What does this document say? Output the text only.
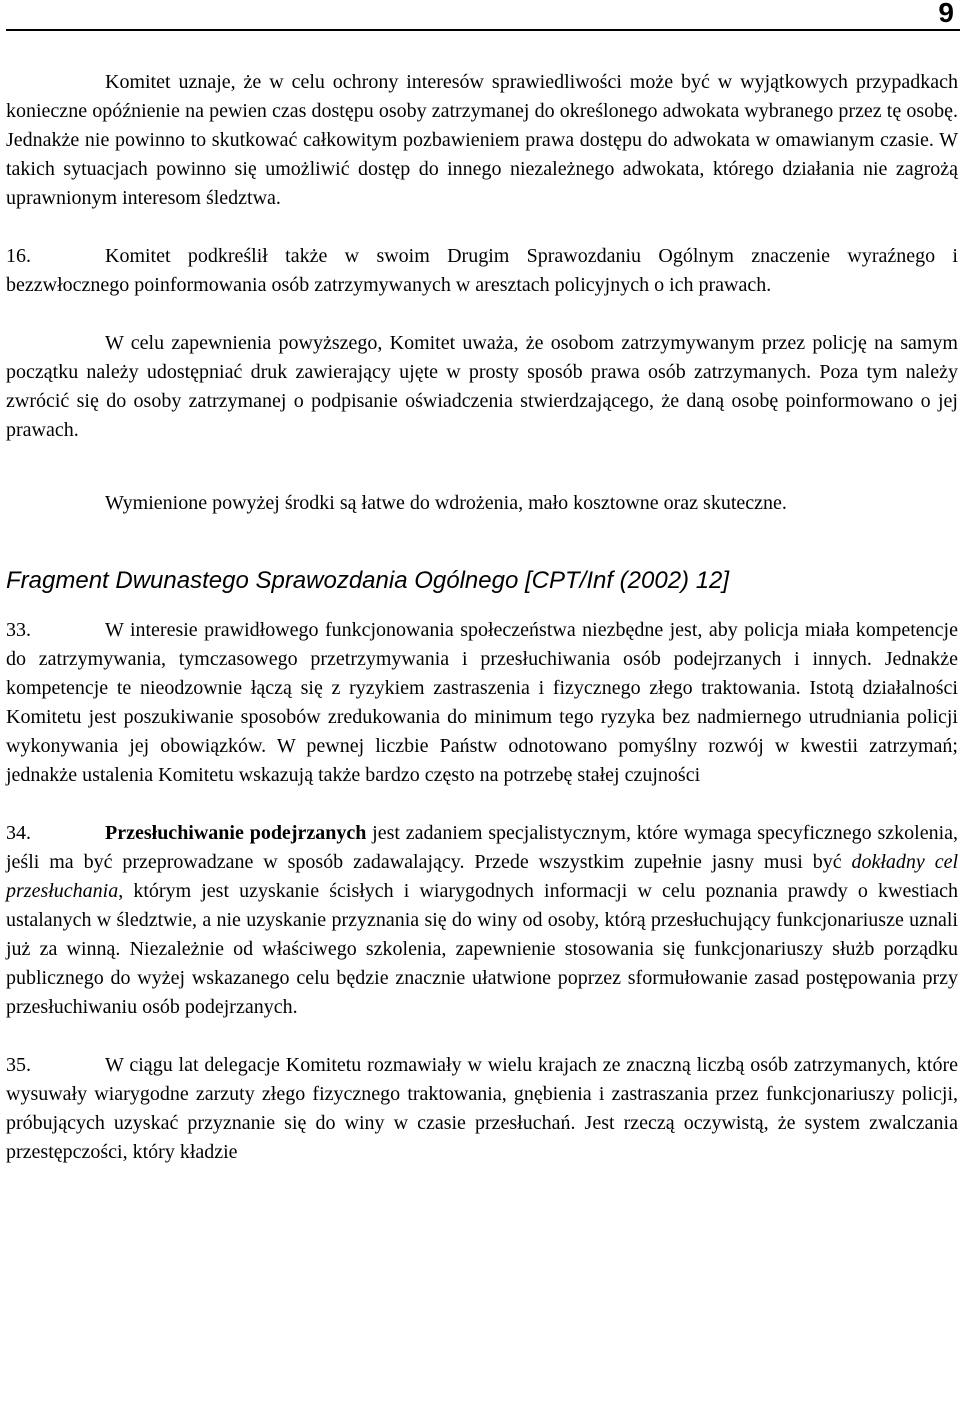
9

Komitet uznaje, że w celu ochrony interesów sprawiedliwości może być w wyjątkowych przypadkach konieczne opóźnienie na pewien czas dostępu osoby zatrzymanej do określonego adwokata wybranego przez tę osobę. Jednakże nie powinno to skutkować całkowitym pozbawieniem prawa dostępu do adwokata w omawianym czasie. W takich sytuacjach powinno się umożliwić dostęp do innego niezależnego adwokata, którego działania nie zagrożą uprawnionym interesom śledztwa.

16.	Komitet podkreślił także w swoim Drugim Sprawozdaniu Ogólnym znaczenie wyraźnego i bezzwłocznego poinformowania osób zatrzymywanych w aresztach policyjnych o ich prawach.

W celu zapewnienia powyższego, Komitet uważa, że osobom zatrzymywanym przez policję na samym początku należy udostępniać druk zawierający ujęte w prosty sposób prawa osób zatrzymanych. Poza tym należy zwrócić się do osoby zatrzymanej o podpisanie oświadczenia stwierdzającego, że daną osobę poinformowano o jej prawach.

Wymienione powyżej środki są łatwe do wdrożenia, mało kosztowne oraz skuteczne.

Fragment Dwunastego Sprawozdania Ogólnego [CPT/Inf (2002) 12]

33.	W interesie prawidłowego funkcjonowania społeczeństwa niezbędne jest, aby policja miała kompetencje do zatrzymywania, tymczasowego przetrzymywania i przesłuchiwania osób podejrzanych i innych. Jednakże kompetencje te nieodzownie łączą się z ryzykiem zastraszenia i fizycznego złego traktowania. Istotą działalności Komitetu jest poszukiwanie sposobów zredukowania do minimum tego ryzyka bez nadmiernego utrudniania policji wykonywania jej obowiązków. W pewnej liczbie Państw odnotowano pomyślny rozwój w kwestii zatrzymań; jednakże ustalenia Komitetu wskazują także bardzo często na potrzebę stałej czujności

34.	Przesłuchiwanie podejrzanych jest zadaniem specjalistycznym, które wymaga specyficznego szkolenia, jeśli ma być przeprowadzane w sposób zadawalający. Przede wszystkim zupełnie jasny musi być dokładny cel przesłuchania, którym jest uzyskanie ścisłych i wiarygodnych informacji w celu poznania prawdy o kwestiach ustalanych w śledztwie, a nie uzyskanie przyznania się do winy od osoby, którą przesłuchujący funkcjonariusze uznali już za winną. Niezależnie od właściwego szkolenia, zapewnienie stosowania się funkcjonariuszy służb porządku publicznego do wyżej wskazanego celu będzie znacznie ułatwione poprzez sformułowanie zasad postępowania przy przesłuchiwaniu osób podejrzanych.

35.	W ciągu lat delegacje Komitetu rozmawiały w wielu krajach ze znaczną liczbą osób zatrzymanych, które wysuwały wiarygodne zarzuty złego fizycznego traktowania, gnębienia i zastraszania przez funkcjonariuszy policji, próbujących uzyskać przyznanie się do winy w czasie przesłuchań. Jest rzeczą oczywistą, że system zwalczania przestępczości, który kładzie
